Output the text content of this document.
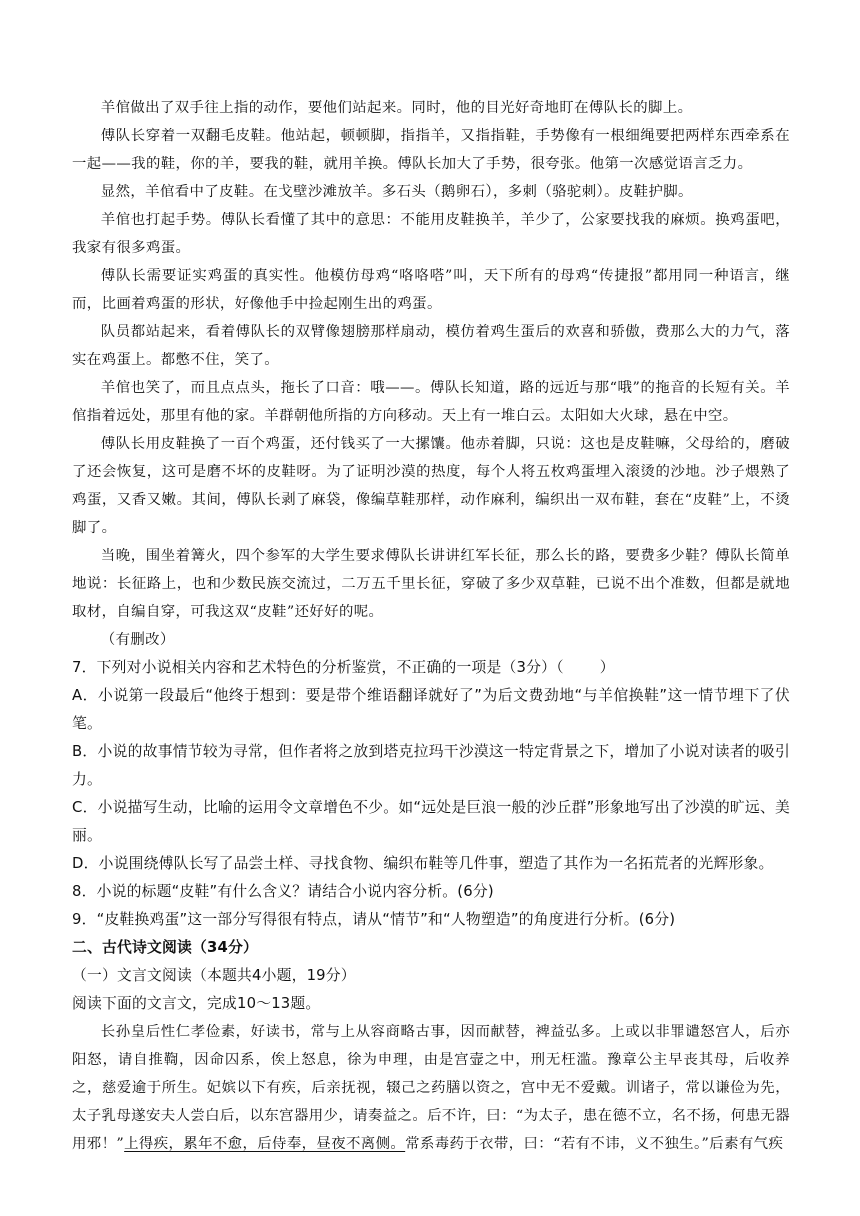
羊倌做出了双手往上指的动作，要他们站起来。同时，他的目光好奇地盯在傅队长的脚上。

傅队长穿着一双翻毛皮鞋。他站起，顿顿脚，指指羊，又指指鞋，手势像有一根细绳要把两样东西牵系在一起——我的鞋，你的羊，要我的鞋，就用羊换。傅队长加大了手势，很夸张。他第一次感觉语言乏力。

显然，羊倌看中了皮鞋。在戈壁沙滩放羊。多石头（鹅卵石），多刺（骆驼刺）。皮鞋护脚。

羊倌也打起手势。傅队长看懂了其中的意思：不能用皮鞋换羊，羊少了，公家要找我的麻烦。换鸡蛋吧，我家有很多鸡蛋。

傅队长需要证实鸡蛋的真实性。他模仿母鸡“咯咯嗒”叫，天下所有的母鸡“传捷报”都用同一种语言，继而，比画着鸡蛋的形状，好像他手中捡起刚生出的鸡蛋。

队员都站起来，看着傅队长的双臂像翅膀那样扇动，模仿着鸡生蛋后的欢喜和骄傲，费那么大的力气，落实在鸡蛋上。都憋不住，笑了。

羊倌也笑了，而且点点头，拖长了口音：哦——。傅队长知道，路的远近与那“哦”的拖音的长短有关。羊倌指着远处，那里有他的家。羊群朝他所指的方向移动。天上有一堆白云。太阳如大火球，悬在中空。

傅队长用皮鞋换了一百个鸡蛋，还付钱买了一大摞馕。他赤着脚，只说：这也是皮鞋嘛，父母给的，磨破了还会恢复，这可是磨不坏的皮鞋呀。为了证明沙漠的热度，每个人将五枚鸡蛋埋入滚烫的沙地。沙子煨熟了鸡蛋，又香又嫩。其间，傅队长剥了麻袋，像编草鞋那样，动作麻利，编织出一双布鞋，套在“皮鞋”上，不烫脚了。

当晚，围坐着篝火，四个参军的大学生要求傅队长讲讲红军长征，那么长的路，要费多少鞋？傅队长简单地说：长征路上，也和少数民族交流过，二万五千里长征，穿破了多少双草鞋，已说不出个准数，但都是就地取材，自编自穿，可我这双“皮鞋”还好好的呢。

（有删改）

7．下列对小说相关内容和艺术特色的分析鉴赏，不正确的一项是（3分）（ ）

A．小说第一段最后“他终于想到：要是带个维语翻译就好了”为后文费劲地“与羊倌换鞋”这一情节埋下了伏笔。

B．小说的故事情节较为寻常，但作者将之放到塔克拉玛干沙漠这一特定背景之下，增加了小说对读者的吸引力。

C．小说描写生动，比喻的运用令文章增色不少。如“远处是巨浪一般的沙丘群”形象地写出了沙漠的旷远、美丽。

D．小说围绕傅队长写了品尝土样、寻找食物、编织布鞋等几件事，塑造了其作为一名拓荒者的光辉形象。

8．小说的标题“皮鞋”有什么含义？请结合小说内容分析。(6分)

9．“皮鞋换鸡蛋”这一部分写得很有特点，请从“情节”和“人物塑造”的角度进行分析。(6分)

二、古代诗文阅读（34分）

（一）文言文阅读（本题共4小题，19分）

阅读下面的文言文，完成10～13题。

长孙皇后性仁孝俭素，好读书，常与上从容商略古事，因而献替，裨益弘多。上或以非罪谴怒宫人，后亦阳怒，请自推鞫，因命囚系，俟上怒息，徐为申理，由是宫壸之中，刑无枉滥。豫章公主早丧其母，后收养之，慈爱逾于所生。妃嫔以下有疾，后亲抚视，辍己之药膳以资之，宫中无不爱戴。训诸子，常以谦俭为先，太子乳母遂安夫人尝白后，以东宫器用少，请奏益之。后不许，曰：“为太子，患在德不立，名不扬，何患无器用邪！”上得疾，累年不愈，后侍奉，昼夜不离侧。常系毒药于衣带，曰：“若有不讳，义不独生。”后素有气疾
